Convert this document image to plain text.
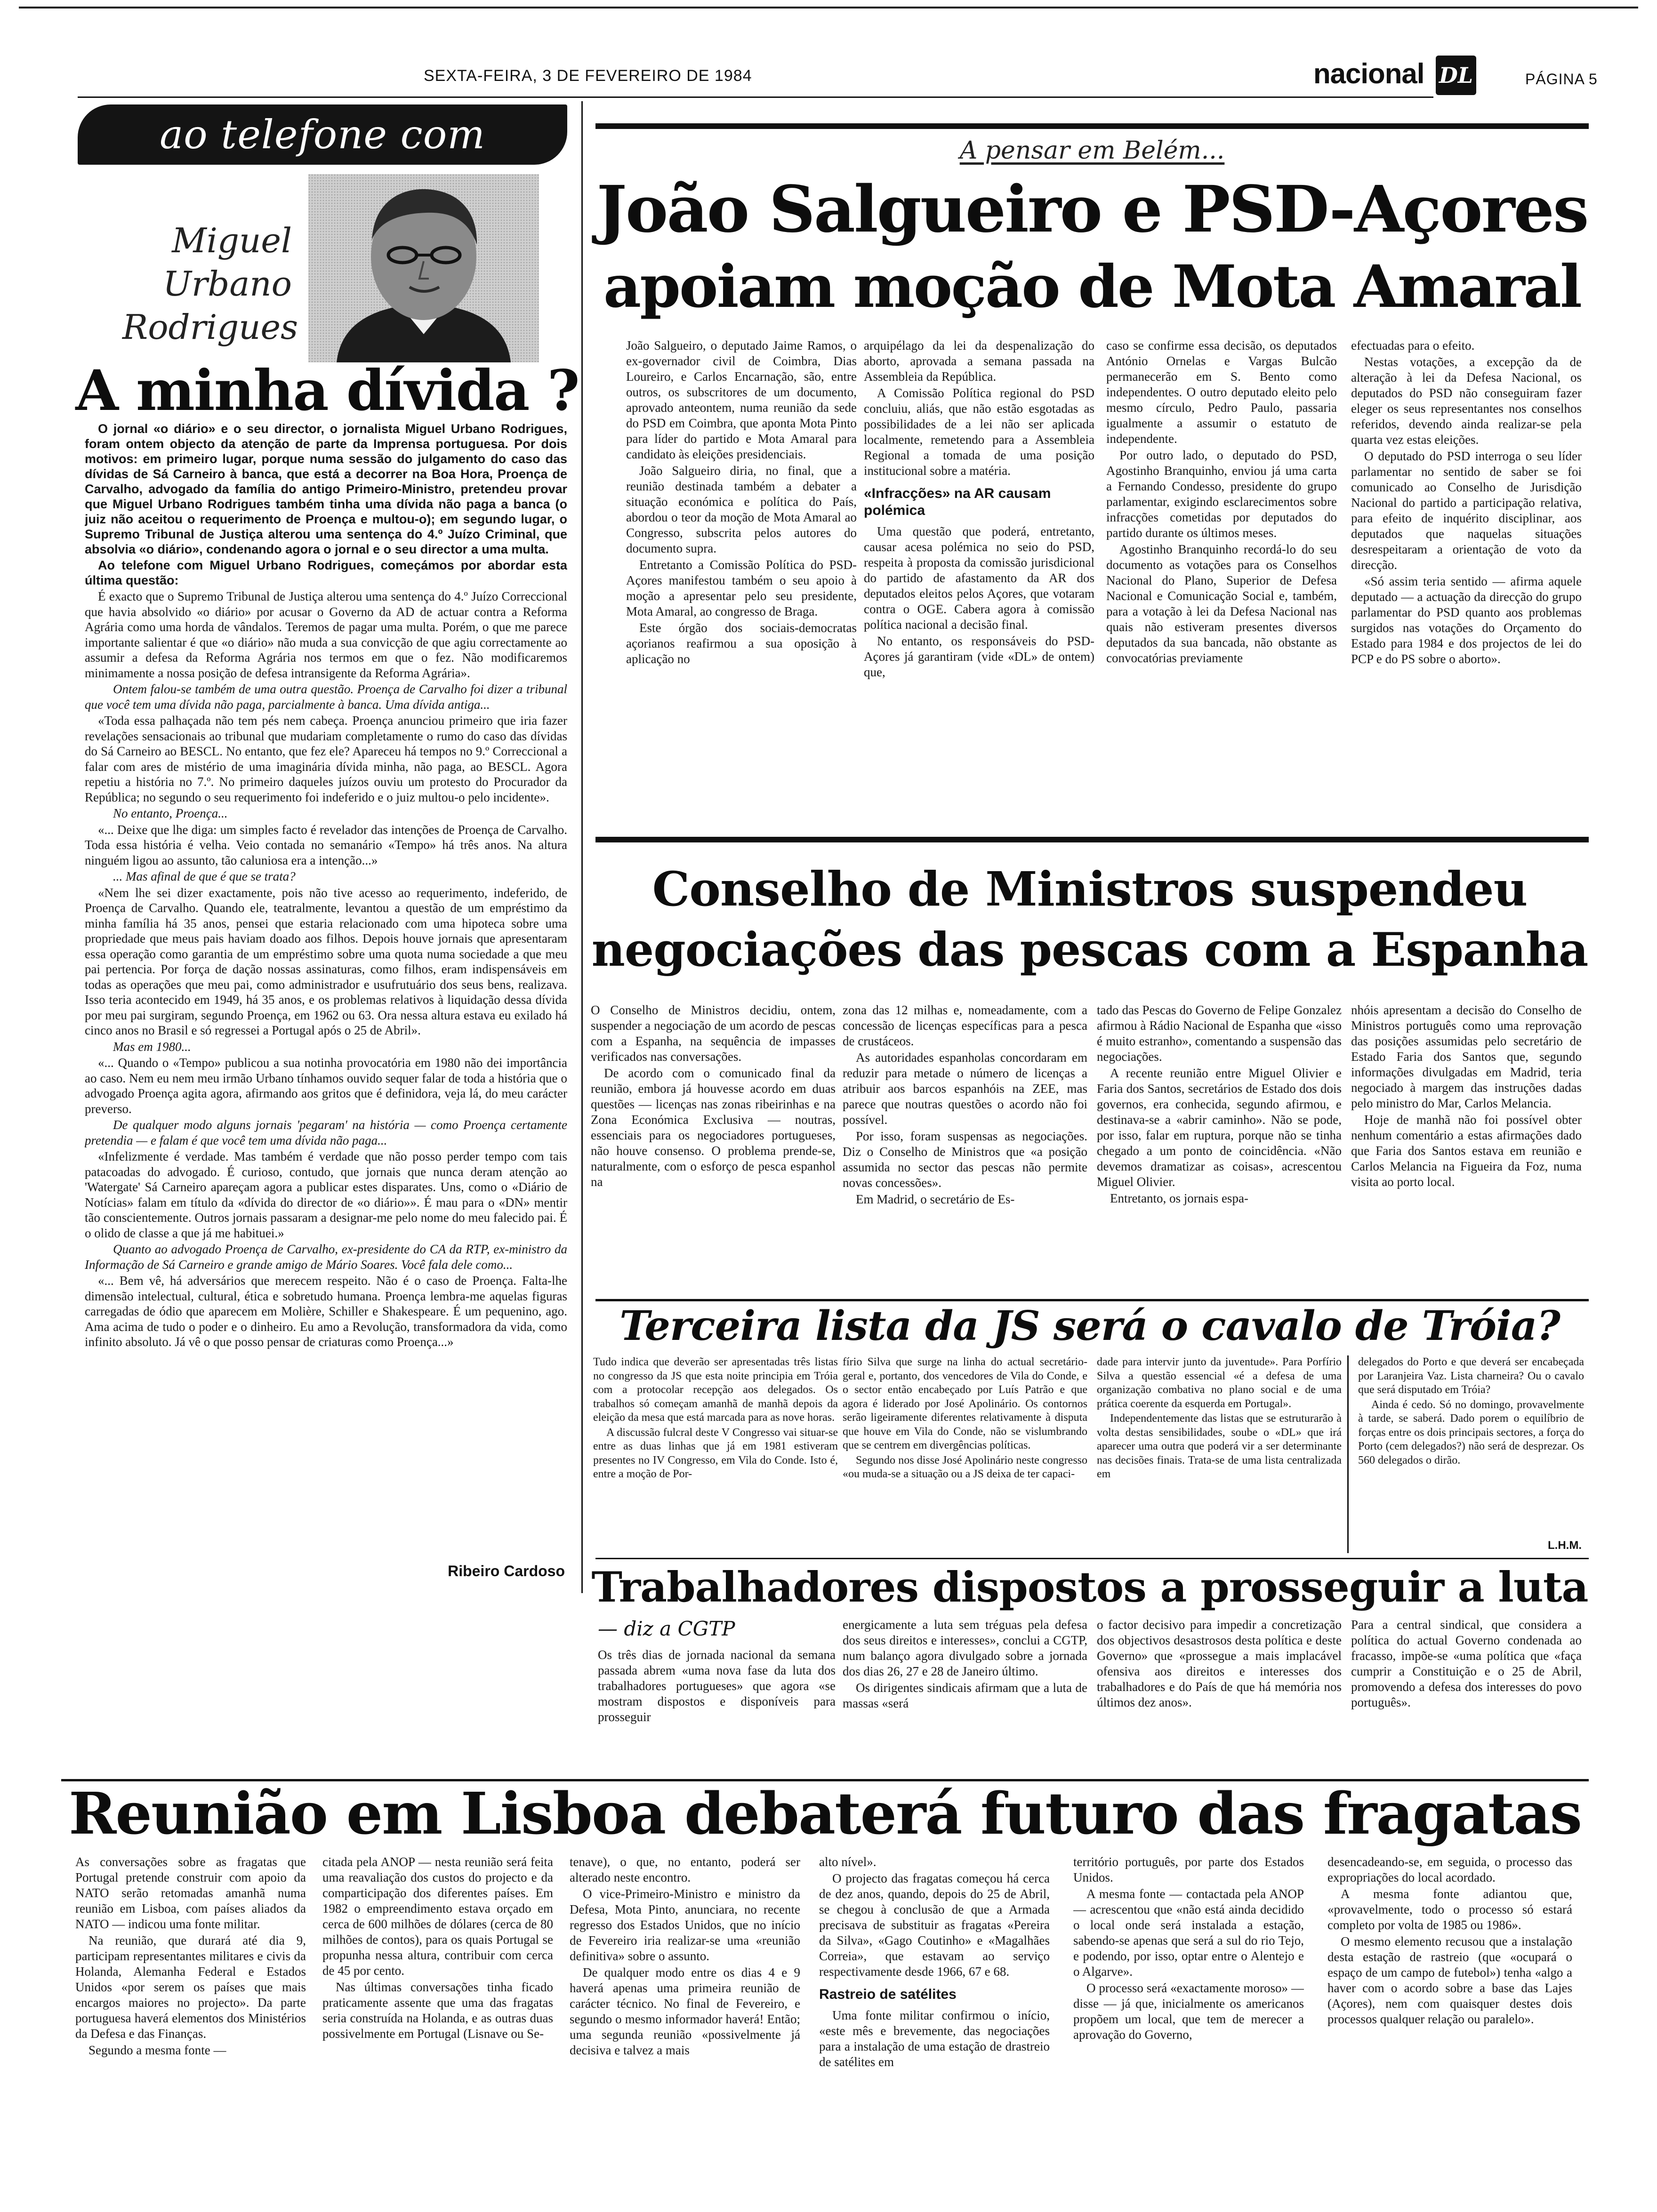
SEXTA-FEIRA, 3 DE FEVEREIRO DE 1984	nacional DL	PÁGINA 5
ao telefone com
Miguel
Urbano
Rodrigues
A minha dívida ?

O jornal «o diário» e o seu director, o jornalista Miguel Urbano Rodrigues, foram ontem objecto da atenção de parte da Imprensa portuguesa. Por dois motivos: em primeiro lugar, porque numa sessão do julgamento do caso das dívidas de Sá Carneiro à banca, que está a decorrer na Boa Hora, Proença de Carvalho, advogado da família do antigo Primeiro-Ministro, pretendeu provar que Miguel Urbano Rodrigues também tinha uma dívida não paga a banca (o juiz não aceitou o requerimento de Proença e multou-o); em segundo lugar, o Supremo Tribunal de Justiça alterou uma sentença do 4.º Juízo Criminal, que absolvia «o diário», condenando agora o jornal e o seu director a uma multa.

Ao telefone com Miguel Urbano Rodrigues, começámos por abordar esta última questão:

É exacto que o Supremo Tribunal de Justiça alterou uma sentença do 4.º Juízo Correccional que havia absolvido «o diário» por acusar o Governo da AD de actuar contra a Reforma Agrária como uma horda de vândalos. Teremos de pagar uma multa. Porém, o que me parece importante salientar é que «o diário» não muda a sua convicção de que agiu correctamente ao assumir a defesa da Reforma Agrária nos termos em que o fez. Não modificaremos minimamente a nossa posição de defesa intransigente da Reforma Agrária».

Ontem falou-se também de uma outra questão. Proença de Carvalho foi dizer a tribunal que você tem uma dívida não paga, parcialmente à banca. Uma dívida antiga...

«Toda essa palhaçada não tem pés nem cabeça. Proença anunciou primeiro que iria fazer revelações sensacionais ao tribunal que mudariam completamente o rumo do caso das dívidas do Sá Carneiro ao BESCL. No entanto, que fez ele? Apareceu há tempos no 9.º Correccional a falar com ares de mistério de uma imaginária dívida minha, não paga, ao BESCL. Agora repetiu a história no 7.º. No primeiro daqueles juízos ouviu um protesto do Procurador da República; no segundo o seu requerimento foi indeferido e o juiz multou-o pelo incidente».

No entanto, Proença...

«... Deixe que lhe diga: um simples facto é revelador das intenções de Proença de Carvalho. Toda essa história é velha. Veio contada no semanário «Tempo» há três anos. Na altura ninguém ligou ao assunto, tão caluniosa era a intenção...»

... Mas afinal de que é que se trata?

«Nem lhe sei dizer exactamente, pois não tive acesso ao requerimento, indeferido, de Proença de Carvalho. Quando ele, teatralmente, levantou a questão de um empréstimo da minha família há 35 anos, pensei que estaria relacionado com uma hipoteca sobre uma propriedade que meus pais haviam doado aos filhos. Depois houve jornais que apresentaram essa operação como garantia de um empréstimo sobre uma quota numa sociedade a que meu pai pertencia. Por força de dação nossas assinaturas, como filhos, eram indispensáveis em todas as operações que meu pai, como administrador e usufrutuário dos seus bens, realizava. Isso teria acontecido em 1949, há 35 anos, e os problemas relativos à liquidação dessa dívida por meu pai surgiram, segundo Proença, em 1962 ou 63. Ora nessa altura estava eu exilado há cinco anos no Brasil e só regressei a Portugal após o 25 de Abril».

Mas em 1980...

«... Quando o «Tempo» publicou a sua notinha provocatória em 1980 não dei importância ao caso. Nem eu nem meu irmão Urbano tínhamos ouvido sequer falar de toda a história que o advogado Proença agita agora, afirmando aos gritos que é definidora, veja lá, do meu carácter preverso.

De qualquer modo alguns jornais 'pegaram' na história — como Proença certamente pretendia — e falam é que você tem uma dívida não paga...

«Infelizmente é verdade. Mas também é verdade que não posso perder tempo com tais patacoadas do advogado. É curioso, contudo, que jornais que nunca deram atenção ao 'Watergate' Sá Carneiro apareçam agora a publicar estes disparates. Uns, como o «Diário de Notícias» falam em título da «dívida do director de «o diário»». É mau para o «DN» mentir tão conscientemente. Outros jornais passaram a designar-me pelo nome do meu falecido pai. É o olido de classe a que já me habituei.»

Quanto ao advogado Proença de Carvalho, ex-presidente do CA da RTP, ex-ministro da Informação de Sá Carneiro e grande amigo de Mário Soares. Você fala dele como...

«... Bem vê, há adversários que merecem respeito. Não é o caso de Proença. Falta-lhe dimensão intelectual, cultural, ética e sobretudo humana. Proença lembra-me aquelas figuras carregadas de ódio que aparecem em Molière, Schiller e Shakespeare. É um pequenino, ago. Ama acima de tudo o poder e o dinheiro. Eu amo a Revolução, transformadora da vida, como infinito absoluto. Já vê o que posso pensar de criaturas como Proença...»

Ribeiro Cardoso
A pensar em Belém...
João Salgueiro e PSD-Açores
apoiam moção de Mota Amaral

João Salgueiro, o deputado Jaime Ramos, o ex-governador civil de Coimbra, Dias Loureiro, e Carlos Encarnação, são, entre outros, os subscritores de um documento, aprovado anteontem, numa reunião da sede do PSD em Coimbra, que aponta Mota Pinto para líder do partido e Mota Amaral para candidato às eleições presidenciais.

João Salgueiro diria, no final, que a reunião destinada também a debater a situação económica e política do País, abordou o teor da moção de Mota Amaral ao Congresso, subscrita pelos autores do documento supra.

Entretanto a Comissão Política do PSD-Açores manifestou também o seu apoio à moção a apresentar pelo seu presidente, Mota Amaral, ao congresso de Braga.

Este órgão dos sociais-democratas açorianos reafirmou a sua oposição à aplicação no

arquipélago da lei da despenalização do aborto, aprovada a semana passada na Assembleia da República.

A Comissão Política regional do PSD concluiu, aliás, que não estão esgotadas as possibilidades de a lei não ser aplicada localmente, remetendo para a Assembleia Regional a tomada de uma posição institucional sobre a matéria.

«Infracções» na AR causam polémica

Uma questão que poderá, entretanto, causar acesa polémica no seio do PSD, respeita à proposta da comissão jurisdicional do partido de afastamento da AR dos deputados eleitos pelos Açores, que votaram contra o OGE. Cabera agora à comissão política nacional a decisão final.

No entanto, os responsáveis do PSD-Açores já garantiram (vide «DL» de ontem) que,

caso se confirme essa decisão, os deputados António Ornelas e Vargas Bulcão permanecerão em S. Bento como independentes. O outro deputado eleito pelo mesmo círculo, Pedro Paulo, passaria igualmente a assumir o estatuto de independente.

Por outro lado, o deputado do PSD, Agostinho Branquinho, enviou já uma carta a Fernando Condesso, presidente do grupo parlamentar, exigindo esclarecimentos sobre infracções cometidas por deputados do partido durante os últimos meses.

Agostinho Branquinho recordá-lo do seu documento as votações para os Conselhos Nacional do Plano, Superior de Defesa Nacional e Comunicação Social e, também, para a votação à lei da Defesa Nacional nas quais não estiveram presentes diversos deputados da sua bancada, não obstante as convocatórias previamente

efectuadas para o efeito.

Nestas votações, a excepção da de alteração à lei da Defesa Nacional, os deputados do PSD não conseguiram fazer eleger os seus representantes nos conselhos referidos, devendo ainda realizar-se pela quarta vez estas eleições.

O deputado do PSD interroga o seu líder parlamentar no sentido de saber se foi comunicado ao Conselho de Jurisdição Nacional do partido a participação relativa, para efeito de inquérito disciplinar, aos deputados que naquelas situações desrespeitaram a orientação de voto da direcção.

«Só assim teria sentido — afirma aquele deputado — a actuação da direcção do grupo parlamentar do PSD quanto aos problemas surgidos nas votações do Orçamento do Estado para 1984 e dos projectos de lei do PCP e do PS sobre o aborto».

Conselho de Ministros suspendeu
negociações das pescas com a Espanha

O Conselho de Ministros decidiu, ontem, suspender a negociação de um acordo de pescas com a Espanha, na sequência de impasses verificados nas conversações.

De acordo com o comunicado final da reunião, embora já houvesse acordo em duas questões — licenças nas zonas ribeirinhas e na Zona Económica Exclusiva — noutras, essenciais para os negociadores portugueses, não houve consenso. O problema prende-se, naturalmente, com o esforço de pesca espanhol na

zona das 12 milhas e, nomeadamente, com a concessão de licenças específicas para a pesca de crustáceos.

As autoridades espanholas concordaram em reduzir para metade o número de licenças a atribuir aos barcos espanhóis na ZEE, mas parece que noutras questões o acordo não foi possível.

Por isso, foram suspensas as negociações. Diz o Conselho de Ministros que «a posição assumida no sector das pescas não permite novas concessões».

Em Madrid, o secretário de Es-

tado das Pescas do Governo de Felipe Gonzalez afirmou à Rádio Nacional de Espanha que «isso é muito estranho», comentando a suspensão das negociações.

A recente reunião entre Miguel Olivier e Faria dos Santos, secretários de Estado dos dois governos, era conhecida, segundo afirmou, e destinava-se a «abrir caminho». Não se pode, por isso, falar em ruptura, porque não se tinha chegado a um ponto de coincidência. «Não devemos dramatizar as coisas», acrescentou Miguel Olivier.

Entretanto, os jornais espa-

nhóis apresentam a decisão do Conselho de Ministros português como uma reprovação das posições assumidas pelo secretário de Estado Faria dos Santos que, segundo informações divulgadas em Madrid, teria negociado à margem das instruções dadas pelo ministro do Mar, Carlos Melancia.

Hoje de manhã não foi possível obter nenhum comentário a estas afirmações dado que Faria dos Santos estava em reunião e Carlos Melancia na Figueira da Foz, numa visita ao porto local.

Terceira lista da JS será o cavalo de Tróia?

Tudo indica que deverão ser apresentadas três listas no congresso da JS que esta noite principia em Tróia com a protocolar recepção aos delegados. Os trabalhos só começam amanhã de manhã depois da eleição da mesa que está marcada para as nove horas.

A discussão fulcral deste V Congresso vai situar-se entre as duas linhas que já em 1981 estiveram presentes no IV Congresso, em Vila do Conde. Isto é, entre a moção de Por-

fírio Silva que surge na linha do actual secretário-geral e, portanto, dos vencedores de Vila do Conde, e o sector então encabeçado por Luís Patrão e que agora é liderado por José Apolinário. Os contornos serão ligeiramente diferentes relativamente à disputa que houve em Vila do Conde, não se vislumbrando que se centrem em divergências políticas.

Segundo nos disse José Apolinário neste congresso «ou muda-se a situação ou a JS deixa de ter capaci-

dade para intervir junto da juventude». Para Porfírio Silva a questão essencial «é a defesa de uma organização combativa no plano social e de uma prática coerente da esquerda em Portugal».

Independentemente das listas que se estruturarão à volta destas sensibilidades, soube o «DL» que irá aparecer uma outra que poderá vir a ser determinante nas decisões finais. Trata-se de uma lista centralizada em

delegados do Porto e que deverá ser encabeçada por Laranjeira Vaz. Lista charneira? Ou o cavalo que será disputado em Tróia?

Ainda é cedo. Só no domingo, provavelmente à tarde, se saberá. Dado porem o equilíbrio de forças entre os dois principais sectores, a força do Porto (cem delegados?) não será de desprezar. Os 560 delegados o dirão.

L.H.M.
Trabalhadores dispostos a prosseguir a luta
— diz a CGTP

Os três dias de jornada nacional da semana passada abrem «uma nova fase da luta dos trabalhadores portugueses» que agora «se mostram dispostos e disponíveis para prosseguir

energicamente a luta sem tréguas pela defesa dos seus direitos e interesses», conclui a CGTP, num balanço agora divulgado sobre a jornada dos dias 26, 27 e 28 de Janeiro último.

Os dirigentes sindicais afirmam que a luta de massas «será

o factor decisivo para impedir a concretização dos objectivos desastrosos desta política e deste Governo» que «prossegue a mais implacável ofensiva aos direitos e interesses dos trabalhadores e do País de que há memória nos últimos dez anos».

Para a central sindical, que considera a política do actual Governo condenada ao fracasso, impõe-se «uma política que «faça cumprir a Constituição e o 25 de Abril, promovendo a defesa dos interesses do povo português».

Reunião em Lisboa debaterá futuro das fragatas

As conversações sobre as fragatas que Portugal pretende construir com apoio da NATO serão retomadas amanhã numa reunião em Lisboa, com países aliados da NATO — indicou uma fonte militar.

Na reunião, que durará até dia 9, participam representantes militares e civis da Holanda, Alemanha Federal e Estados Unidos «por serem os países que mais encargos maiores no projecto». Da parte portuguesa haverá elementos dos Ministérios da Defesa e das Finanças.

Segundo a mesma fonte —

citada pela ANOP — nesta reunião será feita uma reavaliação dos custos do projecto e da comparticipação dos diferentes países. Em 1982 o empreendimento estava orçado em cerca de 600 milhões de dólares (cerca de 80 milhões de contos), para os quais Portugal se propunha nessa altura, contribuir com cerca de 45 por cento.

Nas últimas conversações tinha ficado praticamente assente que uma das fragatas seria construída na Holanda, e as outras duas possivelmente em Portugal (Lisnave ou Se-

tenave), o que, no entanto, poderá ser alterado neste encontro.

O vice-Primeiro-Ministro e ministro da Defesa, Mota Pinto, anunciara, no recente regresso dos Estados Unidos, que no início de Fevereiro iria realizar-se uma «reunião definitiva» sobre o assunto.

De qualquer modo entre os dias 4 e 9 haverá apenas uma primeira reunião de carácter técnico. No final de Fevereiro, e segundo o mesmo informador haverá! Então; uma segunda reunião «possivelmente já decisiva e talvez a mais

alto nível».

O projecto das fragatas começou há cerca de dez anos, quando, depois do 25 de Abril, se chegou à conclusão de que a Armada precisava de substituir as fragatas «Pereira da Silva», «Gago Coutinho» e «Magalhães Correia», que estavam ao serviço respectivamente desde 1966, 67 e 68.

Rastreio de satélites

Uma fonte militar confirmou o início, «este mês e brevemente, das negociações para a instalação de uma estação de drastreio de satélites em

território português, por parte dos Estados Unidos.

A mesma fonte — contactada pela ANOP — acrescentou que «não está ainda decidido o local onde será instalada a estação, sabendo-se apenas que será a sul do rio Tejo, e podendo, por isso, optar entre o Alentejo e o Algarve».

O processo será «exactamente moroso» — disse — já que, inicialmente os americanos propõem um local, que tem de merecer a aprovação do Governo,

desencadeando-se, em seguida, o processo das expropriações do local acordado.

A mesma fonte adiantou que, «provavelmente, todo o processo só estará completo por volta de 1985 ou 1986».

O mesmo elemento recusou que a instalação desta estação de rastreio (que «ocupará o espaço de um campo de futebol») tenha «algo a haver com o acordo sobre a base das Lajes (Açores), nem com quaisquer destes dois processos qualquer relação ou paralelo».
